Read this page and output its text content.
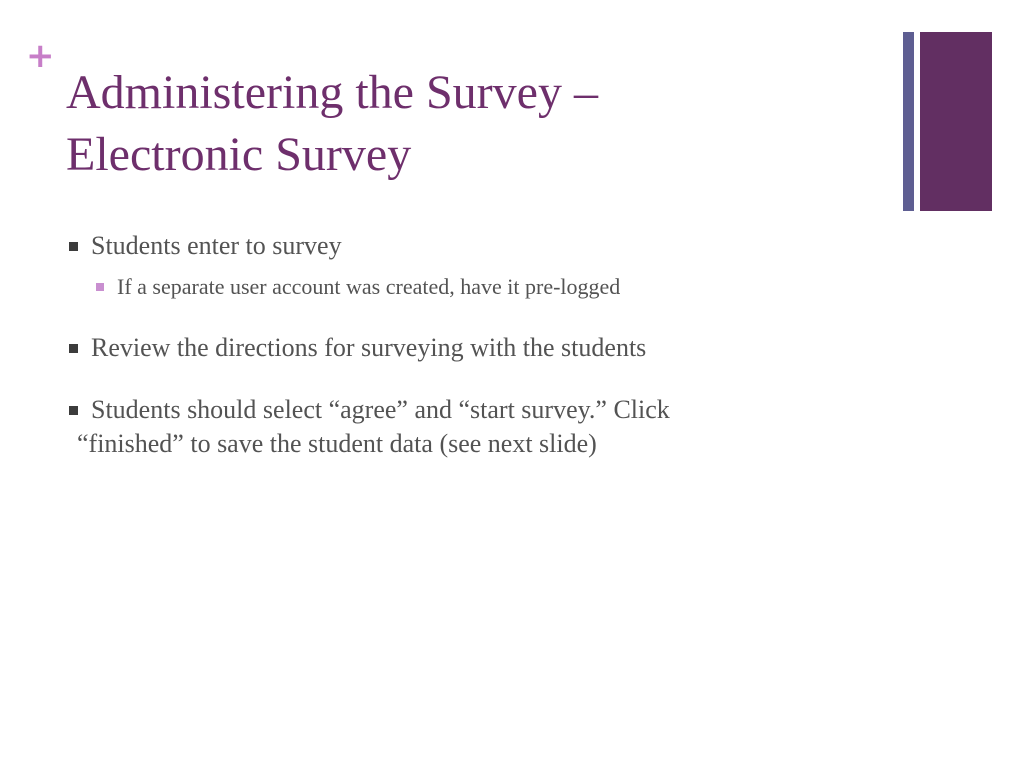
+
Administering the Survey –
Electronic Survey
Students enter to survey
If a separate user account was created, have it pre-logged
Review the directions for surveying with the students
Students should select “agree” and “start survey.” Click
“finished” to save the student data (see next slide)
